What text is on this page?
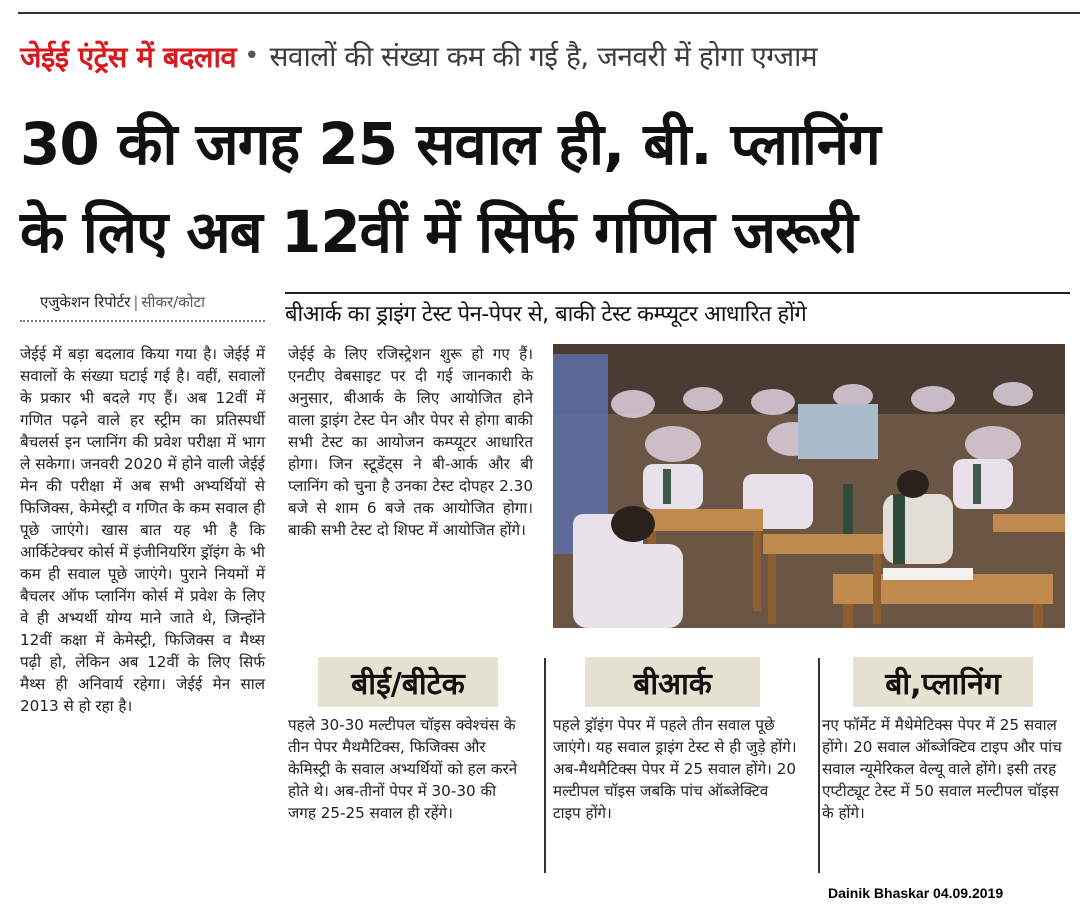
जेईई एंट्रेंस में बदलाव • सवालों की संख्या कम की गई है, जनवरी में होगा एग्जाम
30 की जगह 25 सवाल ही, बी. प्लानिंग
के लिए अब 12वीं में सिर्फ गणित जरूरी
एजुकेशन रिपोर्टर | सीकर/कोटा	बीआर्क का ड्राइंग टेस्ट पेन-पेपर से, बाकी टेस्ट कम्प्यूटर आधारित होंगे
जेईई में बड़ा बदलाव किया गया है। जेईई में सवालों के संख्या घटाई गई है। वहीं, सवालों के प्रकार भी बदले गए हैं। अब 12वीं में गणित पढ़ने वाले हर स्ट्रीम का प्रतिस्पर्धी बैचलर्स इन प्लानिंग की प्रवेश परीक्षा में भाग ले सकेगा। जनवरी 2020 में होने वाली जेईई मेन की परीक्षा में अब सभी अभ्यर्थियों से फिजिक्स, केमेस्ट्री व गणित के कम सवाल ही पूछे जाएंगे। खास बात यह भी है कि आर्किटेक्चर कोर्स में इंजीनियरिंग ड्रॉइंग के भी कम ही सवाल पूछे जाएंगे। पुराने नियमों में बैचलर ऑफ प्लानिंग कोर्स में प्रवेश के लिए वे ही अभ्यर्थी योग्य माने जाते थे, जिन्होंने 12वीं कक्षा में केमेस्ट्री, फिजिक्स व मैथ्स पढ़ी हो, लेकिन अब 12वीं के लिए सिर्फ मैथ्स ही अनिवार्य रहेगा। जेईई मेन साल 2013 से हो रहा है।
जेईई के लिए रजिस्ट्रेशन शुरू हो गए हैं। एनटीए वेबसाइट पर दी गई जानकारी के अनुसार, बीआर्क के लिए आयोजित होने वाला ड्राइंग टेस्ट पेन और पेपर से होगा बाकी सभी टेस्ट का आयोजन कम्प्यूटर आधारित होगा। जिन स्टूडेंट्स ने बी-आर्क और बी प्लानिंग को चुना है उनका टेस्ट दोपहर 2.30 बजे से शाम 6 बजे तक आयोजित होगा। बाकी सभी टेस्ट दो शिफ्ट में आयोजित होंगे।
बीई/बीटेक
पहले 30-30 मल्टीपल चॉइस क्वेश्चंस के तीन पेपर मैथमैटिक्स, फिजिक्स और केमिस्ट्री के सवाल अभ्यर्थियों को हल करने होते थे। अब-तीनों पेपर में 30-30 की जगह 25-25 सवाल ही रहेंगे।
बीआर्क
पहले ड्रॉइंग पेपर में पहले तीन सवाल पूछे जाएंगे। यह सवाल ड्राइंग टेस्ट से ही जुड़े होंगे। अब-मैथमैटिक्स पेपर में 25 सवाल होंगे। 20 मल्टीपल चॉइस जबकि पांच ऑब्जेक्टिव टाइप होंगे।
बी,प्लानिंग
नए फॉर्मेट में मैथेमेटिक्स पेपर में 25 सवाल होंगे। 20 सवाल ऑब्जेक्टिव टाइप और पांच सवाल न्यूमेरिकल वेल्यू वाले होंगे। इसी तरह एप्टीट्यूट टेस्ट में 50 सवाल मल्टीपल चॉइस के होंगे।
Dainik Bhaskar 04.09.2019
